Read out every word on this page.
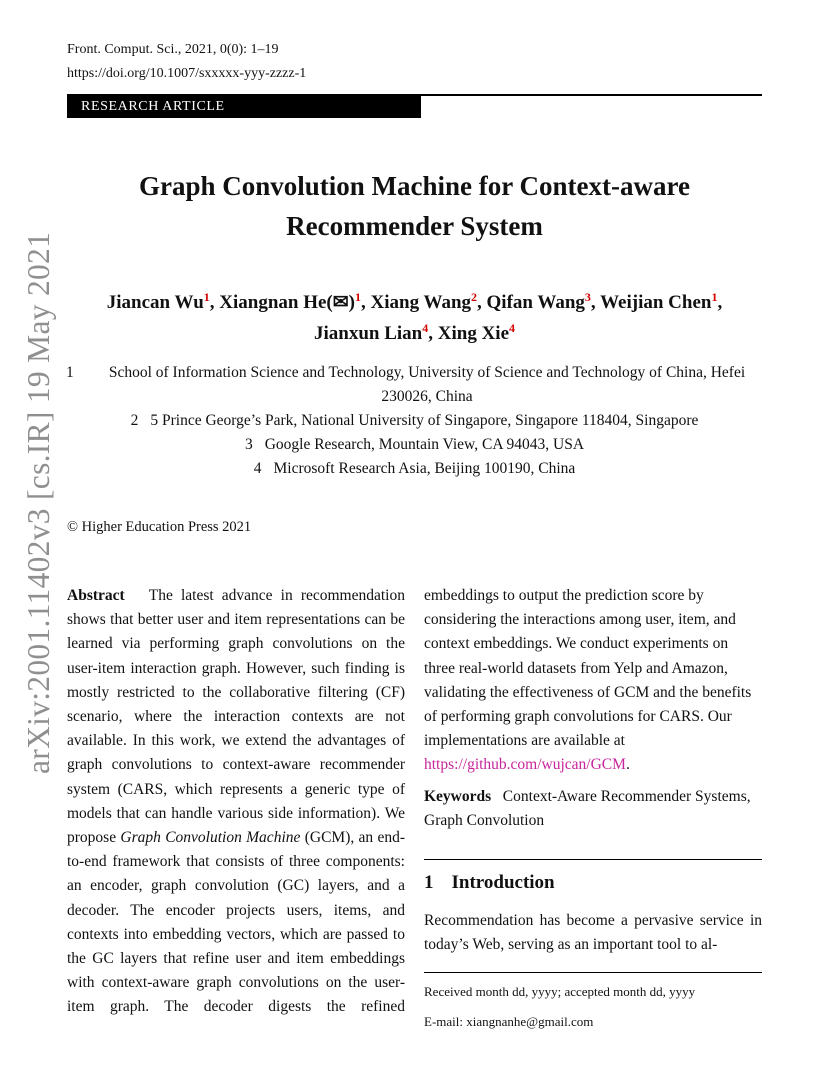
Front. Comput. Sci., 2021, 0(0): 1–19
https://doi.org/10.1007/sxxxxx-yyy-zzzz-1
RESEARCH ARTICLE
Graph Convolution Machine for Context-aware
Recommender System
Jiancan Wu$^1$, Xiangnan He(✉)$^1$, Xiang Wang$^2$, Qifan Wang$^3$, Weijian Chen$^1$,
Jianxun Lian$^4$, Xing Xie$^4$
1	School of Information Science and Technology, University of Science and Technology of China, Hefei
230026, China
2 5 Prince George’s Park, National University of Singapore, Singapore 118404, Singapore
3 Google Research, Mountain View, CA 94043, USA
4 Microsoft Research Asia, Beijing 100190, China
© Higher Education Press 2021
Abstract The latest advance in recommendation shows that better user and item representations can be learned via performing graph convolutions on the user-item interaction graph. However, such finding is mostly restricted to the collaborative filtering (CF) scenario, where the interaction contexts are not available. In this work, we extend the advantages of graph convolutions to context-aware recommender system (CARS, which represents a generic type of models that can handle various side information). We propose Graph Convolution Machine (GCM), an end-to-end framework that consists of three components: an encoder, graph convolution (GC) layers, and a decoder. The encoder projects users, items, and contexts into embedding vectors, which are passed to the GC layers that refine user and item embeddings with context-aware graph convolutions on the user-item graph. The decoder digests the refined
embeddings to output the prediction score by considering the interactions among user, item, and context embeddings. We conduct experiments on three real-world datasets from Yelp and Amazon, validating the effectiveness of GCM and the benefits of performing graph convolutions for CARS. Our implementations are available at https://github.com/wujcan/GCM.
Keywords Context-Aware Recommender Systems, Graph Convolution
1 Introduction
Recommendation has become a pervasive service in today’s Web, serving as an important tool to al-
Received month dd, yyyy; accepted month dd, yyyy
E-mail: xiangnanhe@gmail.com
arXiv:2001.11402v3 [cs.IR] 19 May 2021
